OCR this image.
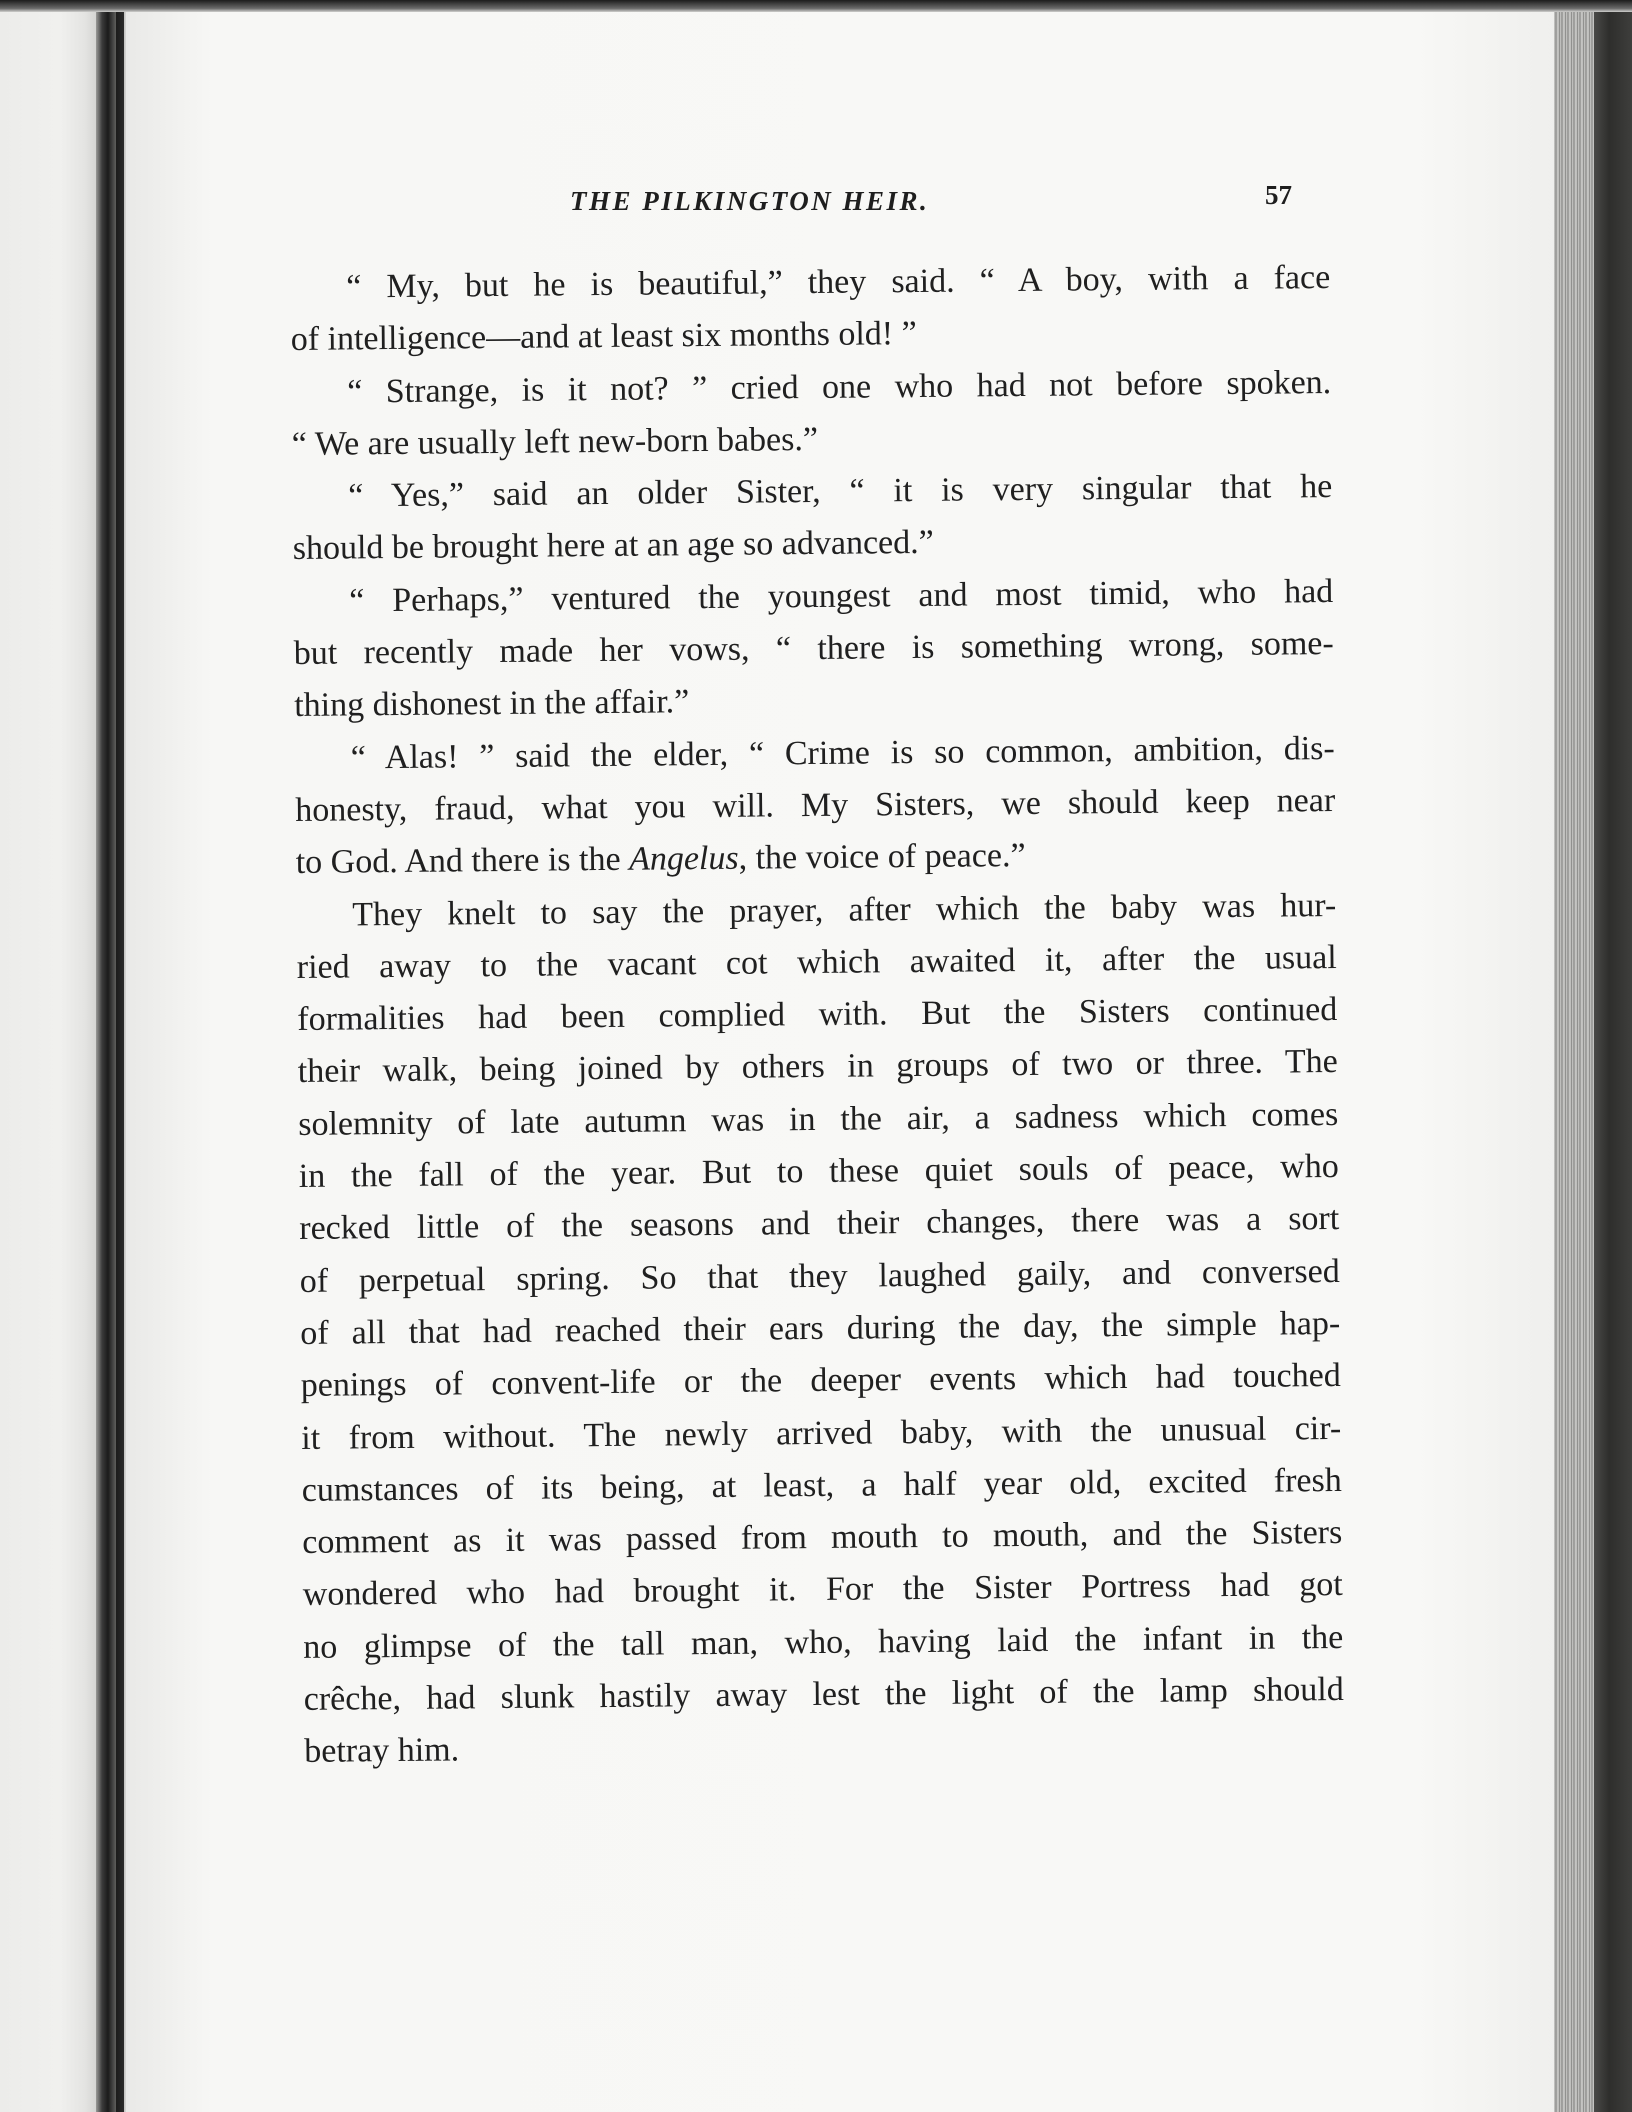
THE PILKINGTON HEIR.	57
“ My, but he is beautiful,” they said. “ A boy, with a face
of intelligence—and at least six months old! ”
“ Strange, is it not? ” cried one who had not before spoken.
“ We are usually left new-born babes.”
“ Yes,” said an older Sister, “ it is very singular that he
should be brought here at an age so advanced.”
“ Perhaps,” ventured the youngest and most timid, who had
but recently made her vows, “ there is something wrong, some-
thing dishonest in the affair.”
“ Alas! ” said the elder, “ Crime is so common, ambition, dis-
honesty, fraud, what you will. My Sisters, we should keep near
to God. And there is the Angelus, the voice of peace.”
They knelt to say the prayer, after which the baby was hur-
ried away to the vacant cot which awaited it, after the usual
formalities had been complied with. But the Sisters continued
their walk, being joined by others in groups of two or three. The
solemnity of late autumn was in the air, a sadness which comes
in the fall of the year. But to these quiet souls of peace, who
recked little of the seasons and their changes, there was a sort
of perpetual spring. So that they laughed gaily, and conversed
of all that had reached their ears during the day, the simple hap-
penings of convent-life or the deeper events which had touched
it from without. The newly arrived baby, with the unusual cir-
cumstances of its being, at least, a half year old, excited fresh
comment as it was passed from mouth to mouth, and the Sisters
wondered who had brought it. For the Sister Portress had got
no glimpse of the tall man, who, having laid the infant in the
crêche, had slunk hastily away lest the light of the lamp should
betray him.
